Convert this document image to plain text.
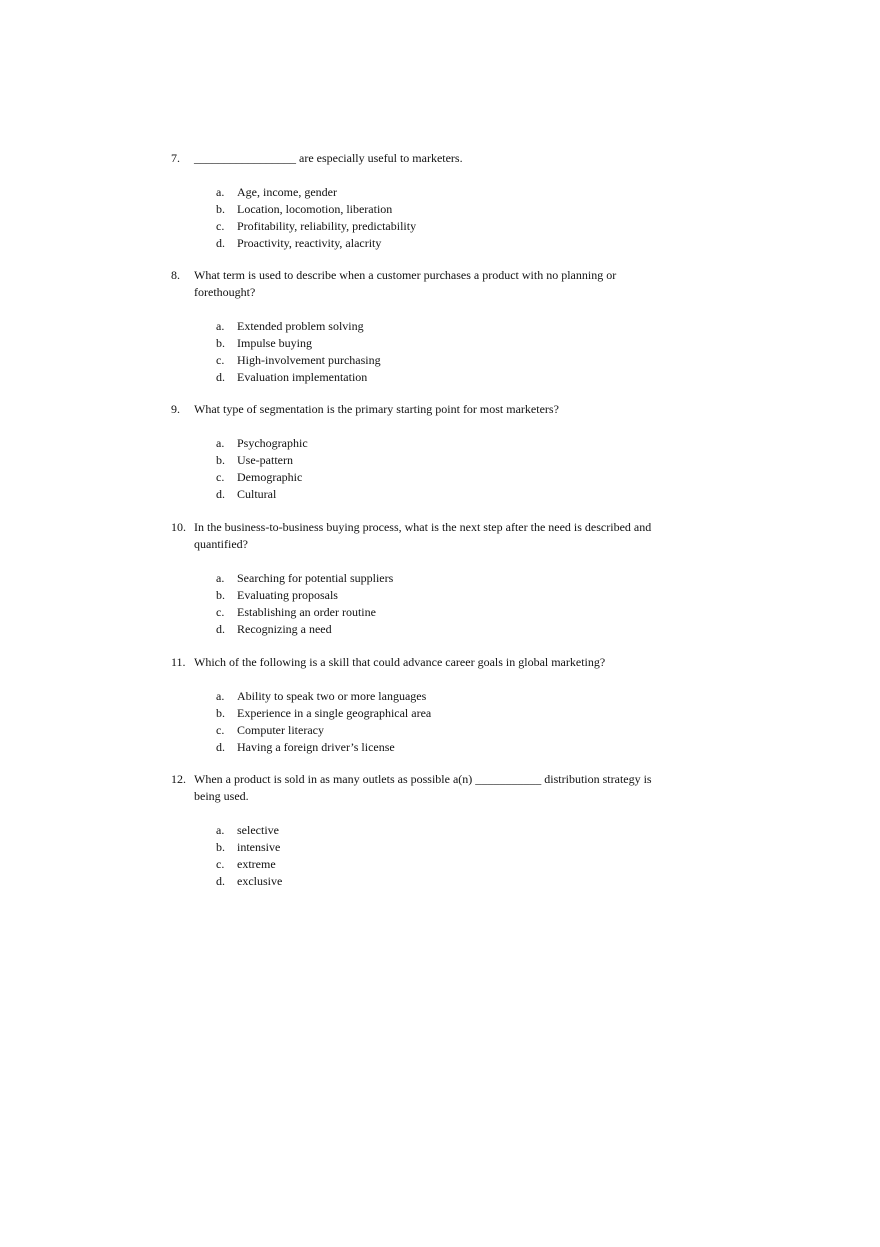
7. _________________ are especially useful to marketers.

a. Age, income, gender
b. Location, locomotion, liberation
c. Profitability, reliability, predictability
d. Proactivity, reactivity, alacrity

8. What term is used to describe when a customer purchases a product with no planning or forethought?

a. Extended problem solving
b. Impulse buying
c. High-involvement purchasing
d. Evaluation implementation

9. What type of segmentation is the primary starting point for most marketers?

a. Psychographic
b. Use-pattern
c. Demographic
d. Cultural

10. In the business-to-business buying process, what is the next step after the need is described and quantified?

a. Searching for potential suppliers
b. Evaluating proposals
c. Establishing an order routine
d. Recognizing a need

11. Which of the following is a skill that could advance career goals in global marketing?

a. Ability to speak two or more languages
b. Experience in a single geographical area
c. Computer literacy
d. Having a foreign driver’s license

12. When a product is sold in as many outlets as possible a(n) ___________ distribution strategy is being used.

a. selective
b. intensive
c. extreme
d. exclusive
